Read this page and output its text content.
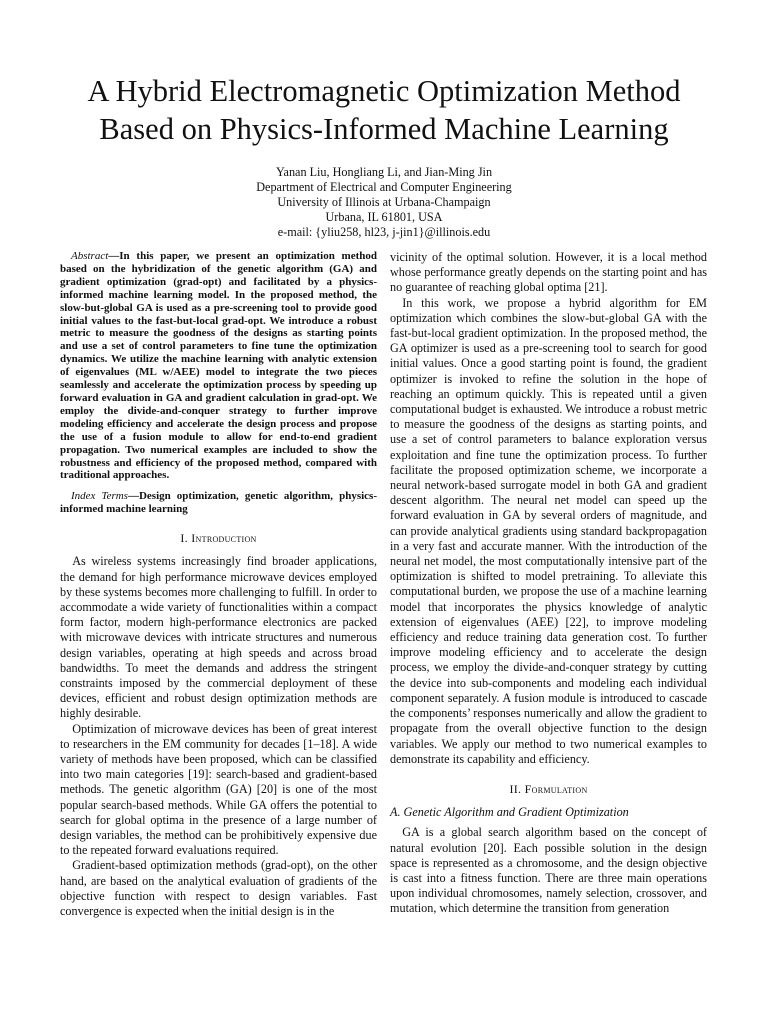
A Hybrid Electromagnetic Optimization Method
Based on Physics-Informed Machine Learning
Yanan Liu, Hongliang Li, and Jian-Ming Jin
Department of Electrical and Computer Engineering
University of Illinois at Urbana-Champaign
Urbana, IL 61801, USA
e-mail: {yliu258, hl23, j-jin1}@illinois.edu

Abstract—In this paper, we present an optimization method based on the hybridization of the genetic algorithm (GA) and gradient optimization (grad-opt) and facilitated by a physics-informed machine learning model. In the proposed method, the slow-but-global GA is used as a pre-screening tool to provide good initial values to the fast-but-local grad-opt. We introduce a robust metric to measure the goodness of the designs as starting points and use a set of control parameters to fine tune the optimization dynamics. We utilize the machine learning with analytic extension of eigenvalues (ML w/AEE) model to integrate the two pieces seamlessly and accelerate the optimization process by speeding up forward evaluation in GA and gradient calculation in grad-opt. We employ the divide-and-conquer strategy to further improve modeling efficiency and accelerate the design process and propose the use of a fusion module to allow for end-to-end gradient propagation. Two numerical examples are included to show the robustness and efficiency of the proposed method, compared with traditional approaches.

Index Terms—Design optimization, genetic algorithm, physics-informed machine learning

I. Introduction

As wireless systems increasingly find broader applications, the demand for high performance microwave devices employed by these systems becomes more challenging to fulfill. In order to accommodate a wide variety of functionalities within a compact form factor, modern high-performance electronics are packed with microwave devices with intricate structures and numerous design variables, operating at high speeds and across broad bandwidths. To meet the demands and address the stringent constraints imposed by the commercial deployment of these devices, efficient and robust design optimization methods are highly desirable.

Optimization of microwave devices has been of great interest to researchers in the EM community for decades [1–18]. A wide variety of methods have been proposed, which can be classified into two main categories [19]: search-based and gradient-based methods. The genetic algorithm (GA) [20] is one of the most popular search-based methods. While GA offers the potential to search for global optima in the presence of a large number of design variables, the method can be prohibitively expensive due to the repeated forward evaluations required.

Gradient-based optimization methods (grad-opt), on the other hand, are based on the analytical evaluation of gradients of the objective function with respect to design variables. Fast convergence is expected when the initial design is in the

vicinity of the optimal solution. However, it is a local method whose performance greatly depends on the starting point and has no guarantee of reaching global optima [21].

In this work, we propose a hybrid algorithm for EM optimization which combines the slow-but-global GA with the fast-but-local gradient optimization. In the proposed method, the GA optimizer is used as a pre-screening tool to search for good initial values. Once a good starting point is found, the gradient optimizer is invoked to refine the solution in the hope of reaching an optimum quickly. This is repeated until a given computational budget is exhausted. We introduce a robust metric to measure the goodness of the designs as starting points, and use a set of control parameters to balance exploration versus exploitation and fine tune the optimization process. To further facilitate the proposed optimization scheme, we incorporate a neural network-based surrogate model in both GA and gradient descent algorithm. The neural net model can speed up the forward evaluation in GA by several orders of magnitude, and can provide analytical gradients using standard backpropagation in a very fast and accurate manner. With the introduction of the neural net model, the most computationally intensive part of the optimization is shifted to model pretraining. To alleviate this computational burden, we propose the use of a machine learning model that incorporates the physics knowledge of analytic extension of eigenvalues (AEE) [22], to improve modeling efficiency and reduce training data generation cost. To further improve modeling efficiency and to accelerate the design process, we employ the divide-and-conquer strategy by cutting the device into sub-components and modeling each individual component separately. A fusion module is introduced to cascade the components’ responses numerically and allow the gradient to propagate from the overall objective function to the design variables. We apply our method to two numerical examples to demonstrate its capability and efficiency.

II. Formulation
A. Genetic Algorithm and Gradient Optimization

GA is a global search algorithm based on the concept of natural evolution [20]. Each possible solution in the design space is represented as a chromosome, and the design objective is cast into a fitness function. There are three main operations upon individual chromosomes, namely selection, crossover, and mutation, which determine the transition from generation
